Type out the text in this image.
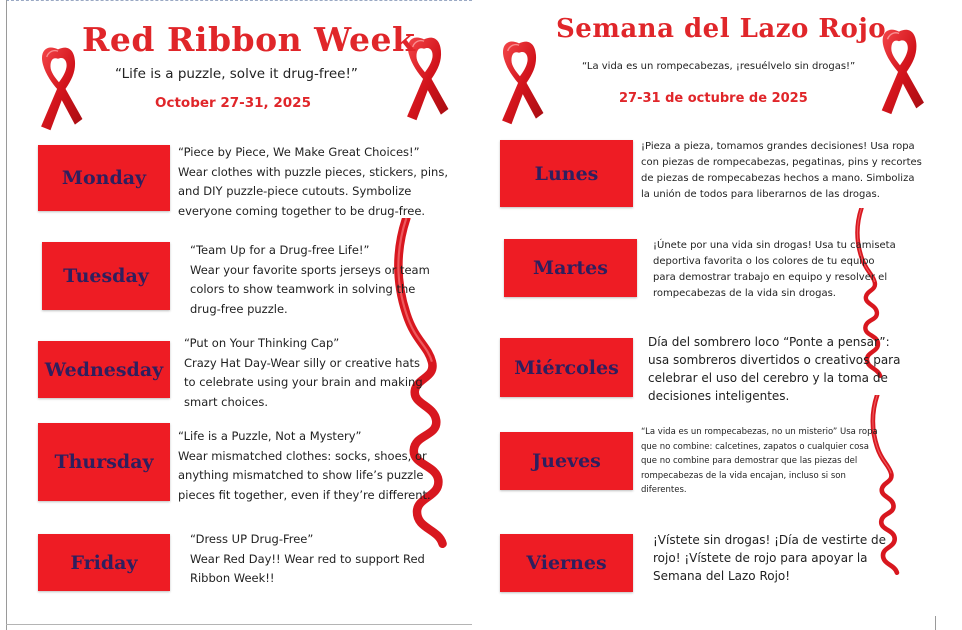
Red Ribbon Week

“Life is a puzzle, solve it drug-free!”

October 27-31, 2025

Monday

“Piece by Piece, We Make Great Choices!”
Wear clothes with puzzle pieces, stickers, pins,
and DIY puzzle-piece cutouts. Symbolize
everyone coming together to be drug-free.

Tuesday

“Team Up for a Drug-free Life!”
Wear your favorite sports jerseys or team
colors to show teamwork in solving the
drug-free puzzle.

Wednesday

“Put on Your Thinking Cap”
Crazy Hat Day-Wear silly or creative hats
to celebrate using your brain and making
smart choices.

Thursday

“Life is a Puzzle, Not a Mystery”
Wear mismatched clothes: socks, shoes, or
anything mismatched to show life’s puzzle
pieces fit together, even if they’re different.

Friday

“Dress UP Drug-Free”
Wear Red Day!! Wear red to support Red
Ribbon Week!!

Semana del Lazo Rojo

“La vida es un rompecabezas, ¡resuélvelo sin drogas!”

27-31 de octubre de 2025

Lunes

¡Pieza a pieza, tomamos grandes decisiones! Usa ropa
con piezas de rompecabezas, pegatinas, pins y recortes
de piezas de rompecabezas hechos a mano. Simboliza
la unión de todos para liberarnos de las drogas.

Martes

¡Únete por una vida sin drogas! Usa tu camiseta
deportiva favorita o los colores de tu equipo
para demostrar trabajo en equipo y resolver el
rompecabezas de la vida sin drogas.

Miércoles

Día del sombrero loco “Ponte a pensar”:
usa sombreros divertidos o creativos para
celebrar el uso del cerebro y la toma de
decisiones inteligentes.

Jueves

“La vida es un rompecabezas, no un misterio” Usa ropa
que no combine: calcetines, zapatos o cualquier cosa
que no combine para demostrar que las piezas del
rompecabezas de la vida encajan, incluso si son
diferentes.

Viernes

¡Vístete sin drogas! ¡Día de vestirte de
rojo! ¡Vístete de rojo para apoyar la
Semana del Lazo Rojo!
